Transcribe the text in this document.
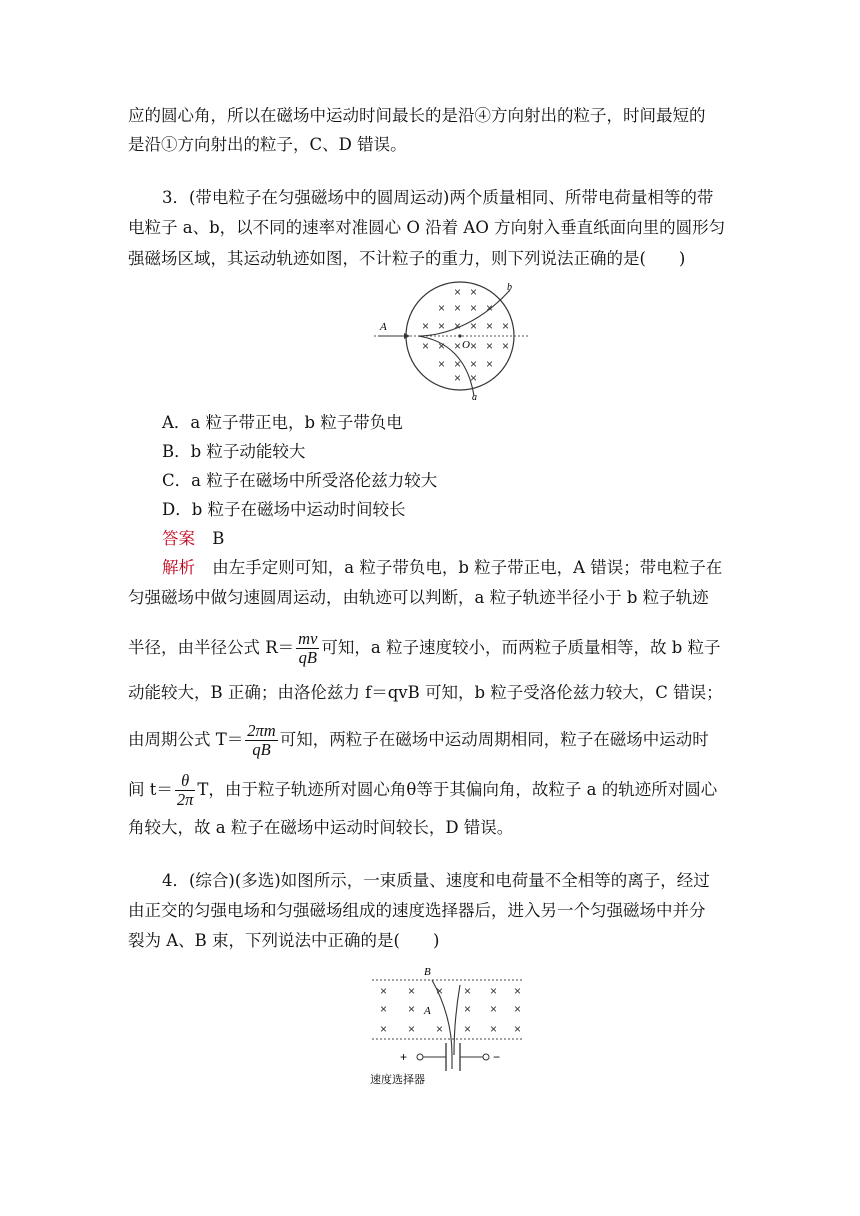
应的圆心角，所以在磁场中运动时间最长的是沿④方向射出的粒子，时间最短的
是沿①方向射出的粒子，C、D 错误。
3．(带电粒子在匀强磁场中的圆周运动)两个质量相同、所带电荷量相等的带
电粒子 a、b，以不同的速率对准圆心 O 沿着 AO 方向射入垂直纸面向里的圆形匀
强磁场区域，其运动轨迹如图，不计粒子的重力，则下列说法正确的是(　　)
× ×
× × × ×
× × × × × ×
× × × × × ×
× × × ×
× ×
A
O
a
b
A．a 粒子带正电，b 粒子带负电
B．b 粒子动能较大
C．a 粒子在磁场中所受洛伦兹力较大
D．b 粒子在磁场中运动时间较长
答案 B
解析 由左手定则可知，a 粒子带负电，b 粒子带正电，A 错误；带电粒子在
匀强磁场中做匀速圆周运动，由轨迹可以判断，a 粒子轨迹半径小于 b 粒子轨迹
半径，由半径公式 $R= \frac{mv}{qB}$ 可知，a 粒子速度较小，而两粒子质量相等，故 b 粒子
动能较大，B 正确；由洛伦兹力 f＝qvB 可知，b 粒子受洛伦兹力较大，C 错误；
由周期公式 $T= \frac{2\pi m}{qB}$ 可知，两粒子在磁场中运动周期相同，粒子在磁场中运动时
间 $t= \frac{\theta}{2\pi}$ T，由于粒子轨迹所对圆心角θ等于其偏向角，故粒子 a 的轨迹所对圆心
角较大，故 a 粒子在磁场中运动时间较长，D 错误。
4．(综合)(多选)如图所示，一束质量、速度和电荷量不全相等的离子，经过
由正交的匀强电场和匀强磁场组成的速度选择器后，进入另一个匀强磁场中并分
裂为 A、B 束，下列说法中正确的是(　　)
× × × × × ×
× ×	× × ×
× × × × × ×
+	−
B
A
速度选择器
